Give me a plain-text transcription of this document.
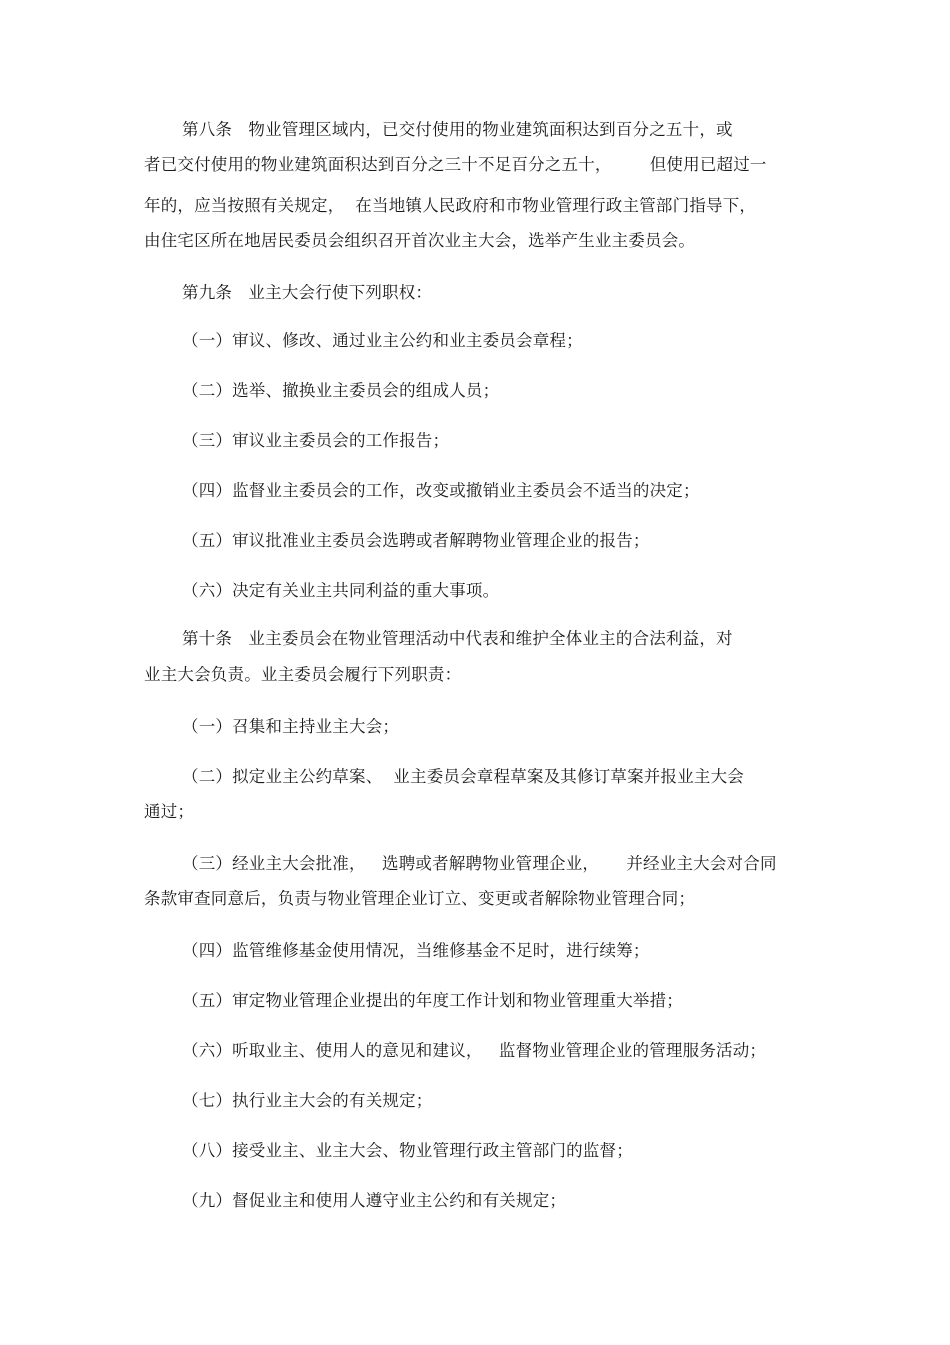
第八条   物业管理区域内，已交付使用的物业建筑面积达到百分之五十，或
者已交付使用的物业建筑面积达到百分之三十不足百分之五十，       但使用已超过一
年的，应当按照有关规定，  在当地镇人民政府和市物业管理行政主管部门指导下，
由住宅区所在地居民委员会组织召开首次业主大会，选举产生业主委员会。
第九条   业主大会行使下列职权：
（一）审议、修改、通过业主公约和业主委员会章程；
（二）选举、撤换业主委员会的组成人员；
（三）审议业主委员会的工作报告；
（四）监督业主委员会的工作，改变或撤销业主委员会不适当的决定；
（五）审议批准业主委员会选聘或者解聘物业管理企业的报告；
（六）决定有关业主共同利益的重大事项。
第十条   业主委员会在物业管理活动中代表和维护全体业主的合法利益，对
业主大会负责。业主委员会履行下列职责：
（一）召集和主持业主大会；
（二）拟定业主公约草案、  业主委员会章程草案及其修订草案并报业主大会
通过；
（三）经业主大会批准，   选聘或者解聘物业管理企业，     并经业主大会对合同
条款审查同意后，负责与物业管理企业订立、变更或者解除物业管理合同；
（四）监管维修基金使用情况，当维修基金不足时，进行续筹；
（五）审定物业管理企业提出的年度工作计划和物业管理重大举措；
（六）听取业主、使用人的意见和建议，   监督物业管理企业的管理服务活动；
（七）执行业主大会的有关规定；
（八）接受业主、业主大会、物业管理行政主管部门的监督；
（九）督促业主和使用人遵守业主公约和有关规定；
